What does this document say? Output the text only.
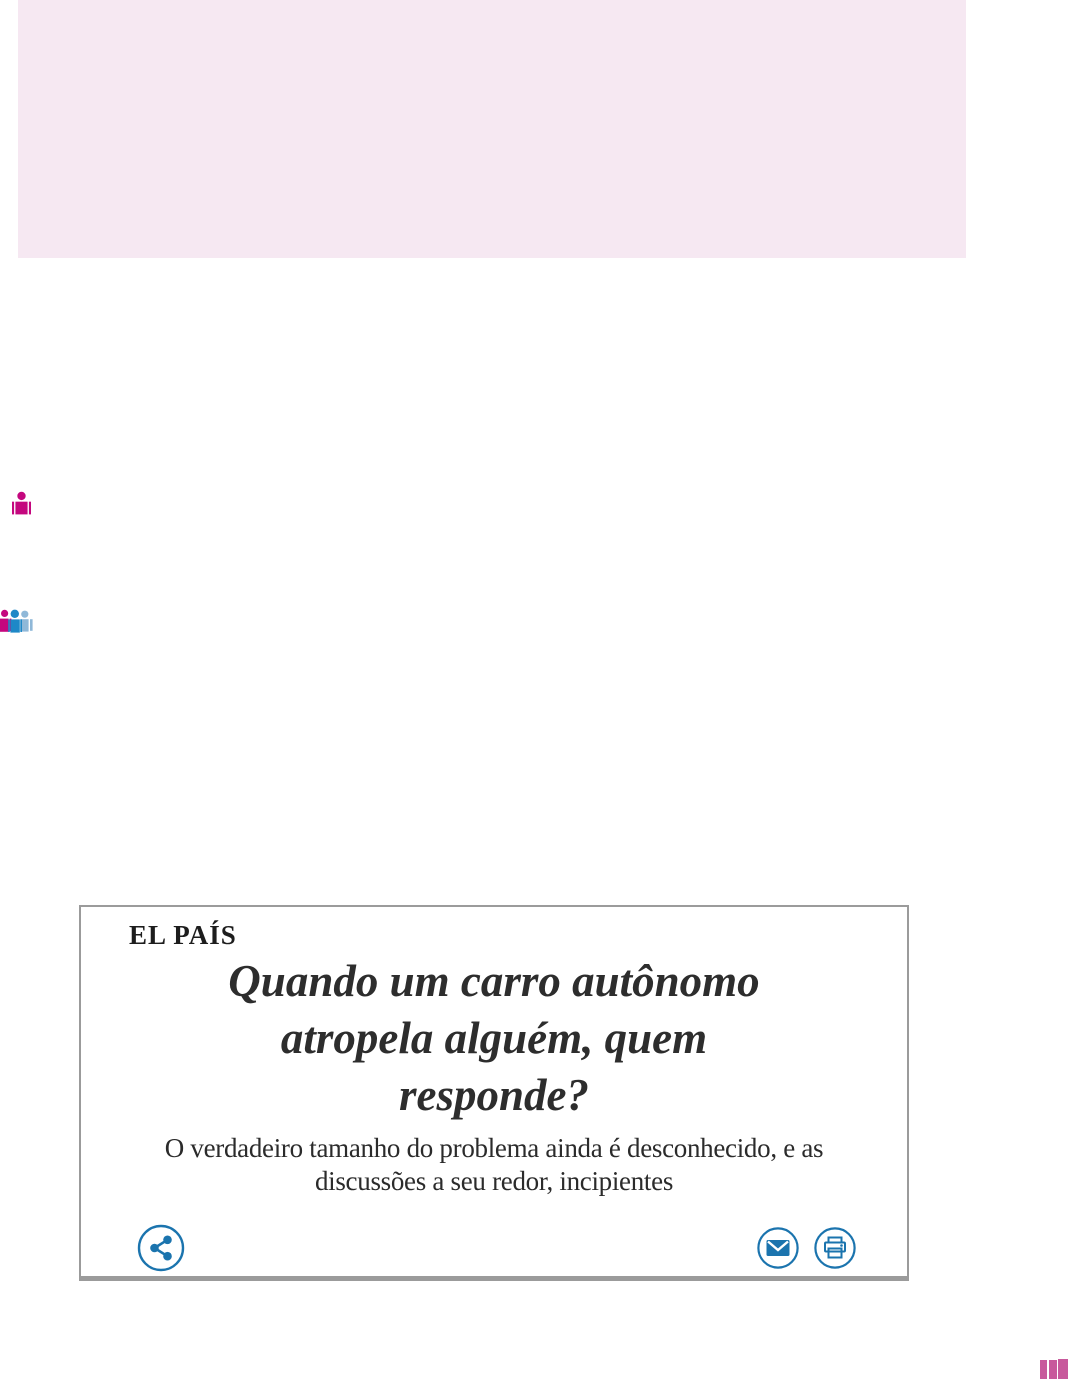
EL PAÍS
Quando um carro autônomo
atropela alguém, quem
responde?
O verdadeiro tamanho do problema ainda é desconhecido, e as
discussões a seu redor, incipientes
